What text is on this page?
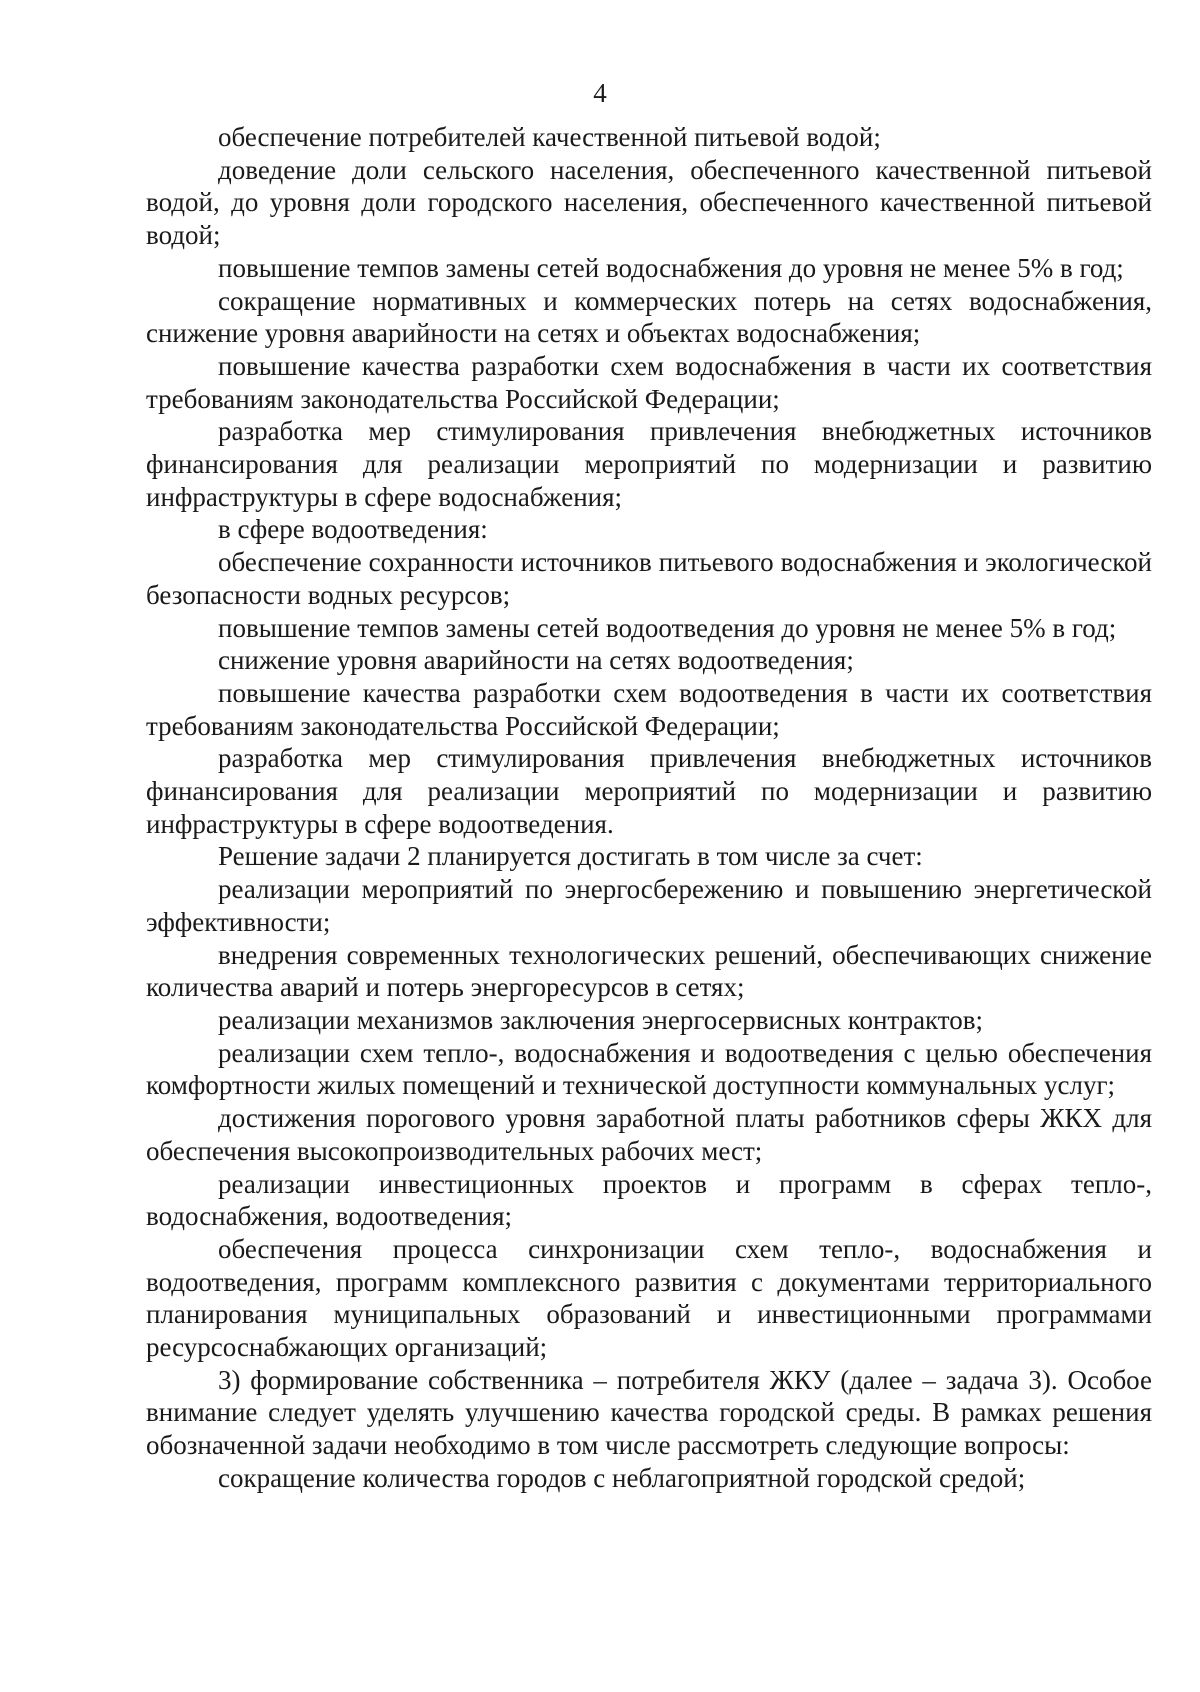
4

обеспечение потребителей качественной питьевой водой;

доведение доли сельского населения, обеспеченного качественной питьевой водой, до уровня доли городского населения, обеспеченного качественной питьевой водой;

повышение темпов замены сетей водоснабжения до уровня не менее 5% в год;

сокращение нормативных и коммерческих потерь на сетях водоснабжения, снижение уровня аварийности на сетях и объектах водоснабжения;

повышение качества разработки схем водоснабжения в части их соответствия требованиям законодательства Российской Федерации;

разработка мер стимулирования привлечения внебюджетных источников финансирования для реализации мероприятий по модернизации и развитию инфраструктуры в сфере водоснабжения;

в сфере водоотведения:

обеспечение сохранности источников питьевого водоснабжения и экологической безопасности водных ресурсов;

повышение темпов замены сетей водоотведения до уровня не менее 5% в год;

снижение уровня аварийности на сетях водоотведения;

повышение качества разработки схем водоотведения в части их соответствия требованиям законодательства Российской Федерации;

разработка мер стимулирования привлечения внебюджетных источников финансирования для реализации мероприятий по модернизации и развитию инфраструктуры в сфере водоотведения.

Решение задачи 2 планируется достигать в том числе за счет:

реализации мероприятий по энергосбережению и повышению энергетической эффективности;

внедрения современных технологических решений, обеспечивающих снижение количества аварий и потерь энергоресурсов в сетях;

реализации механизмов заключения энергосервисных контрактов;

реализации схем тепло-, водоснабжения и водоотведения с целью обеспечения комфортности жилых помещений и технической доступности коммунальных услуг;

достижения порогового уровня заработной платы работников сферы ЖКХ для обеспечения высокопроизводительных рабочих мест;

реализации инвестиционных проектов и программ в сферах тепло-, водоснабжения, водоотведения;

обеспечения процесса синхронизации схем тепло-, водоснабжения и водоотведения, программ комплексного развития с документами территориального планирования муниципальных образований и инвестиционными программами ресурсоснабжающих организаций;

3) формирование собственника – потребителя ЖКУ (далее – задача 3). Особое внимание следует уделять улучшению качества городской среды. В рамках решения обозначенной задачи необходимо в том числе рассмотреть следующие вопросы:

сокращение количества городов с неблагоприятной городской средой;
